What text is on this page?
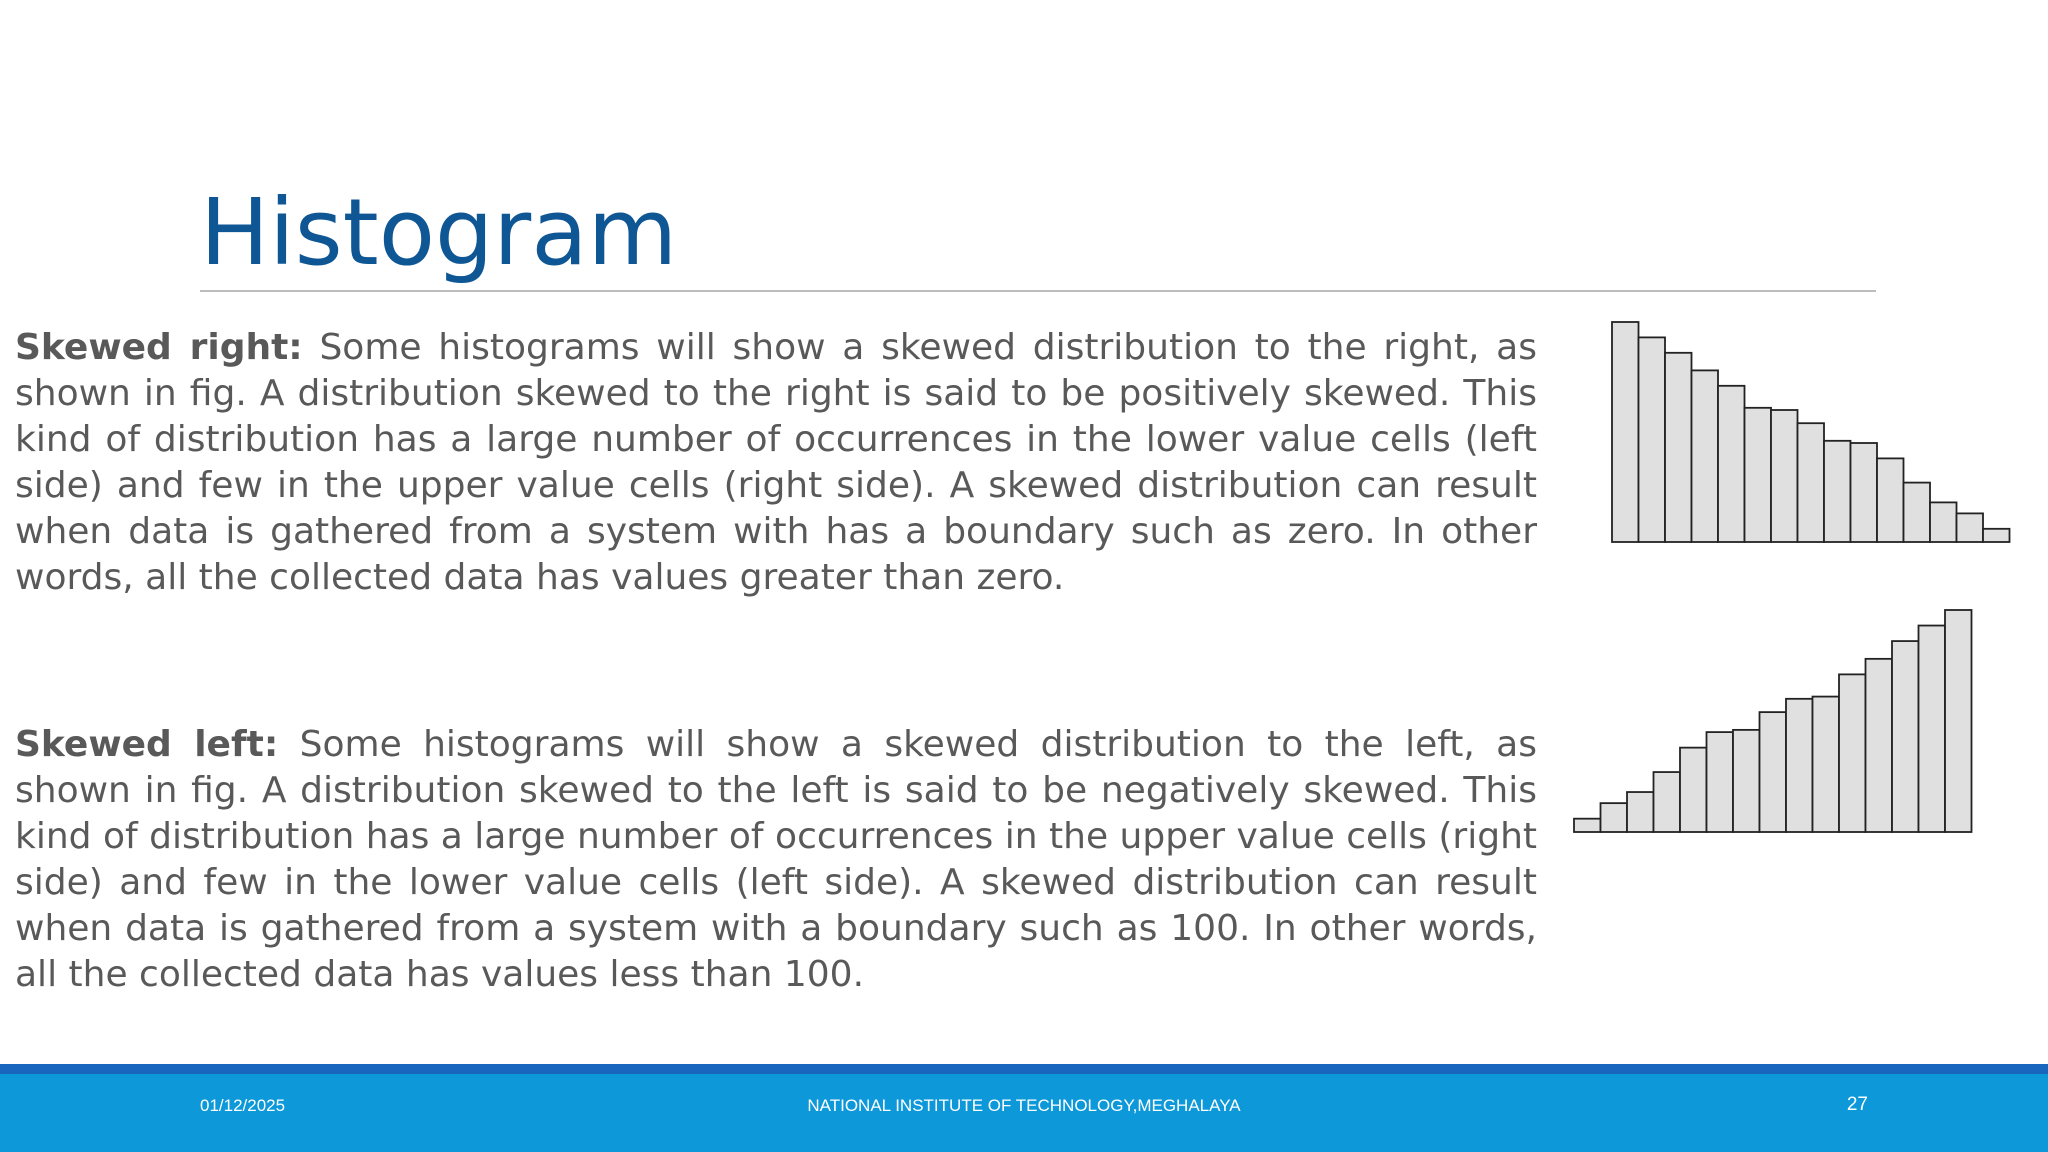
Histogram

Skewed right: Some histograms will show a skewed distribution to the right, as shown in fig. A distribution skewed to the right is said to be positively skewed. This kind of distribution has a large number of occurrences in the lower value cells (left side) and few in the upper value cells (right side). A skewed distribution can result when data is gathered from a system with has a boundary such as zero. In other words, all the collected data has values greater than zero.

Skewed left: Some histograms will show a skewed distribution to the left, as shown in fig. A distribution skewed to the left is said to be negatively skewed. This kind of distribution has a large number of occurrences in the upper value cells (right side) and few in the lower value cells (left side). A skewed distribution can result when data is gathered from a system with a boundary such as 100. In other words, all the collected data has values less than 100.

01/12/2025	NATIONAL INSTITUTE OF TECHNOLOGY,MEGHALAYA	27
